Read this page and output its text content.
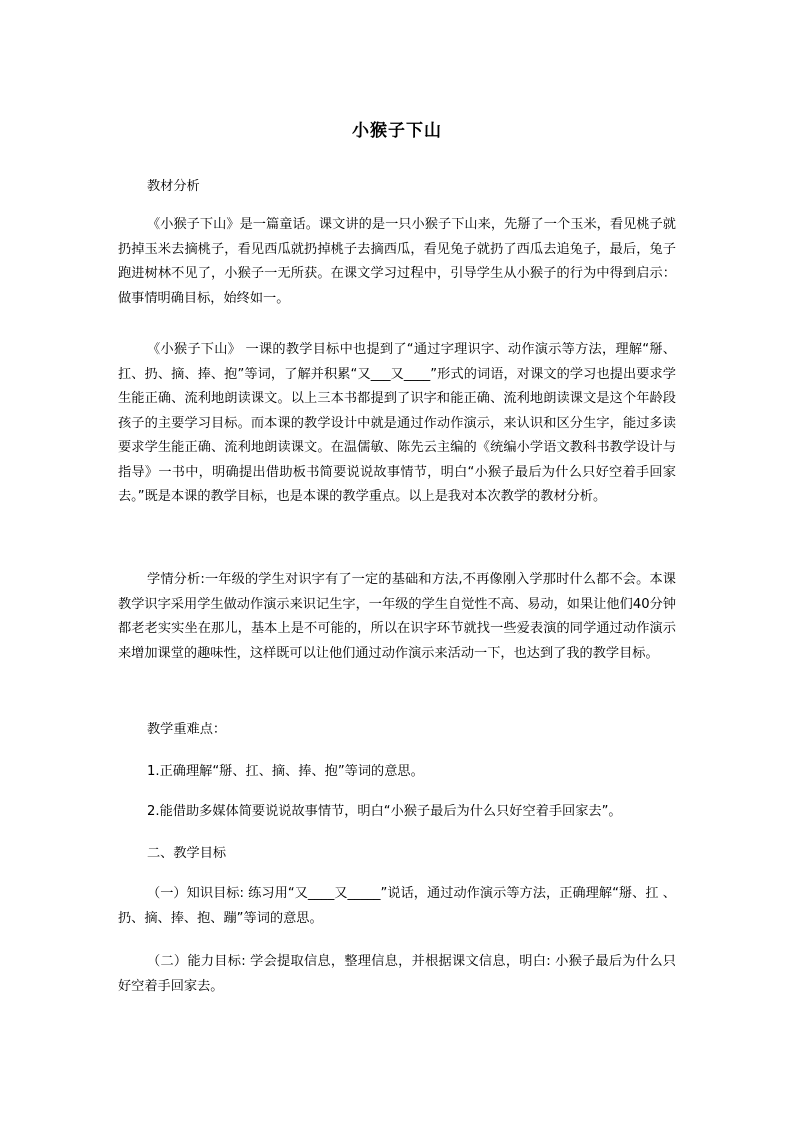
小猴子下山

教材分析

《小猴子下山》是一篇童话。课文讲的是一只小猴子下山来，先掰了一个玉米，看见桃子就扔掉玉米去摘桃子，看见西瓜就扔掉桃子去摘西瓜，看见兔子就扔了西瓜去追兔子，最后，兔子跑进树林不见了，小猴子一无所获。在课文学习过程中，引导学生从小猴子的行为中得到启示：做事情明确目标，始终如一。

《小猴子下山》 一课的教学目标中也提到了“通过字理识字、动作演示等方法，理解“掰、扛、扔、摘、捧、抱”等词，了解并积累“又___又____”形式的词语，对课文的学习也提出要求学生能正确、流利地朗读课文。以上三本书都提到了识字和能正确、流利地朗读课文是这个年龄段孩子的主要学习目标。而本课的教学设计中就是通过作动作演示，来认识和区分生字，能过多读要求学生能正确、流利地朗读课文。在温儒敏、陈先云主编的《统编小学语文教科书教学设计与指导》一书中，明确提出借助板书简要说说故事情节，明白“小猴子最后为什么只好空着手回家去。”既是本课的教学目标，也是本课的教学重点。以上是我对本次教学的教材分析。

学情分析:一年级的学生对识字有了一定的基础和方法,不再像刚入学那时什么都不会。本课教学识字采用学生做动作演示来识记生字，一年级的学生自觉性不高、易动，如果让他们40分钟都老老实实坐在那儿，基本上是不可能的，所以在识字环节就找一些爱表演的同学通过动作演示来增加课堂的趣味性，这样既可以让他们通过动作演示来活动一下，也达到了我的教学目标。

教学重难点：

1.正确理解“掰、扛、摘、捧、抱”等词的意思。

2.能借助多媒体简要说说故事情节，明白“小猴子最后为什么只好空着手回家去”。

二、教学目标

（一）知识目标: 练习用“又____又_____”说话，通过动作演示等方法，正确理解“掰、扛 、扔、摘、捧、抱、蹦”等词的意思。

（二）能力目标: 学会提取信息，整理信息，并根据课文信息，明白: 小猴子最后为什么只好空着手回家去。
